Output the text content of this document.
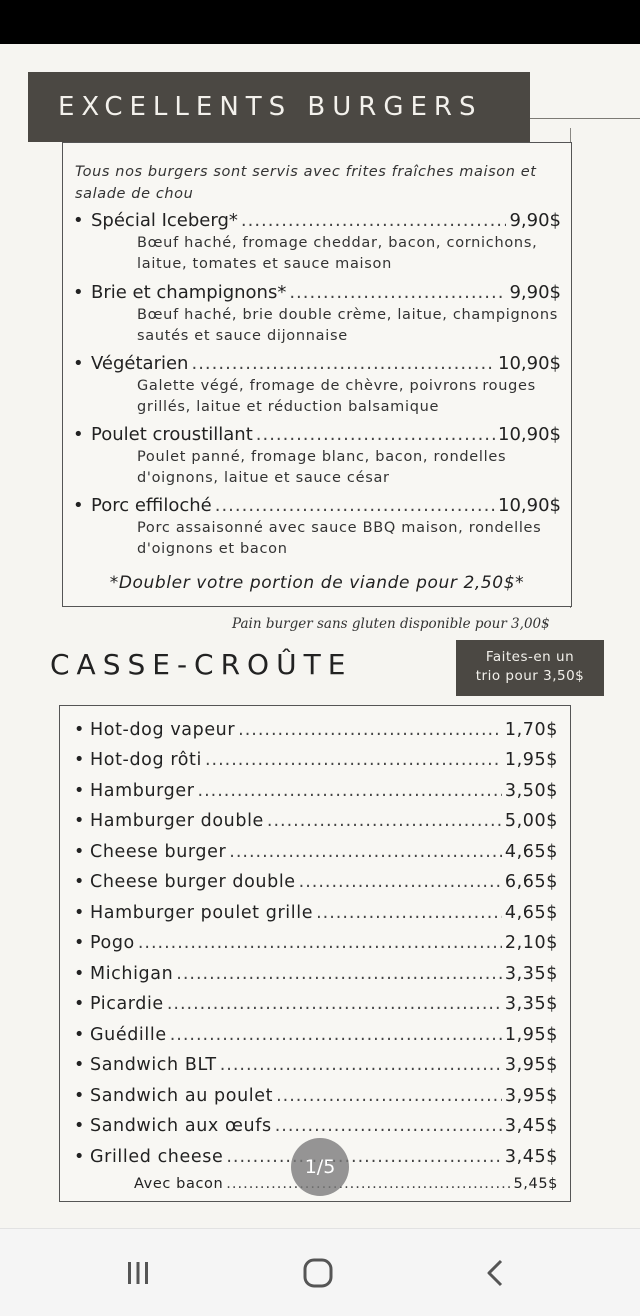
EXCELLENTS BURGERS
Tous nos burgers sont servis avec frites fraîches maison et salade de chou
• Spécial Iceberg* .....	9,90$
Bœuf haché, fromage cheddar, bacon, cornichons, laitue, tomates et sauce maison
• Brie et champignons* .....	9,90$
Bœuf haché, brie double crème, laitue, champignons sautés et sauce dijonnaise
• Végétarien .....	10,90$
Galette végé, fromage de chèvre, poivrons rouges grillés, laitue et réduction balsamique
• Poulet croustillant .....	10,90$
Poulet panné, fromage blanc, bacon, rondelles d'oignons, laitue et sauce césar
• Porc effiloché .....	10,90$
Porc assaisonné avec sauce BBQ maison, rondelles d'oignons et bacon
*Doubler votre portion de viande pour 2,50$*
Pain burger sans gluten disponible pour 3,00$
CASSE-CROÛTE	Faites-en un
trio pour 3,50$
• Hot-dog vapeur .....	1,70$
• Hot-dog rôti .....	1,95$
• Hamburger .....	3,50$
• Hamburger double .....	5,00$
• Cheese burger .....	4,65$
• Cheese burger double .....	6,65$
• Hamburger poulet grille .....	4,65$
• Pogo .....	2,10$
• Michigan .....	3,35$
• Picardie .....	3,35$
• Guédille .....	1,95$
• Sandwich BLT .....	3,95$
• Sandwich au poulet .....	3,95$
• Sandwich aux œufs .....	3,45$
• Grilled cheese .....	3,45$
Avec bacon .....	5,45$
1/5
